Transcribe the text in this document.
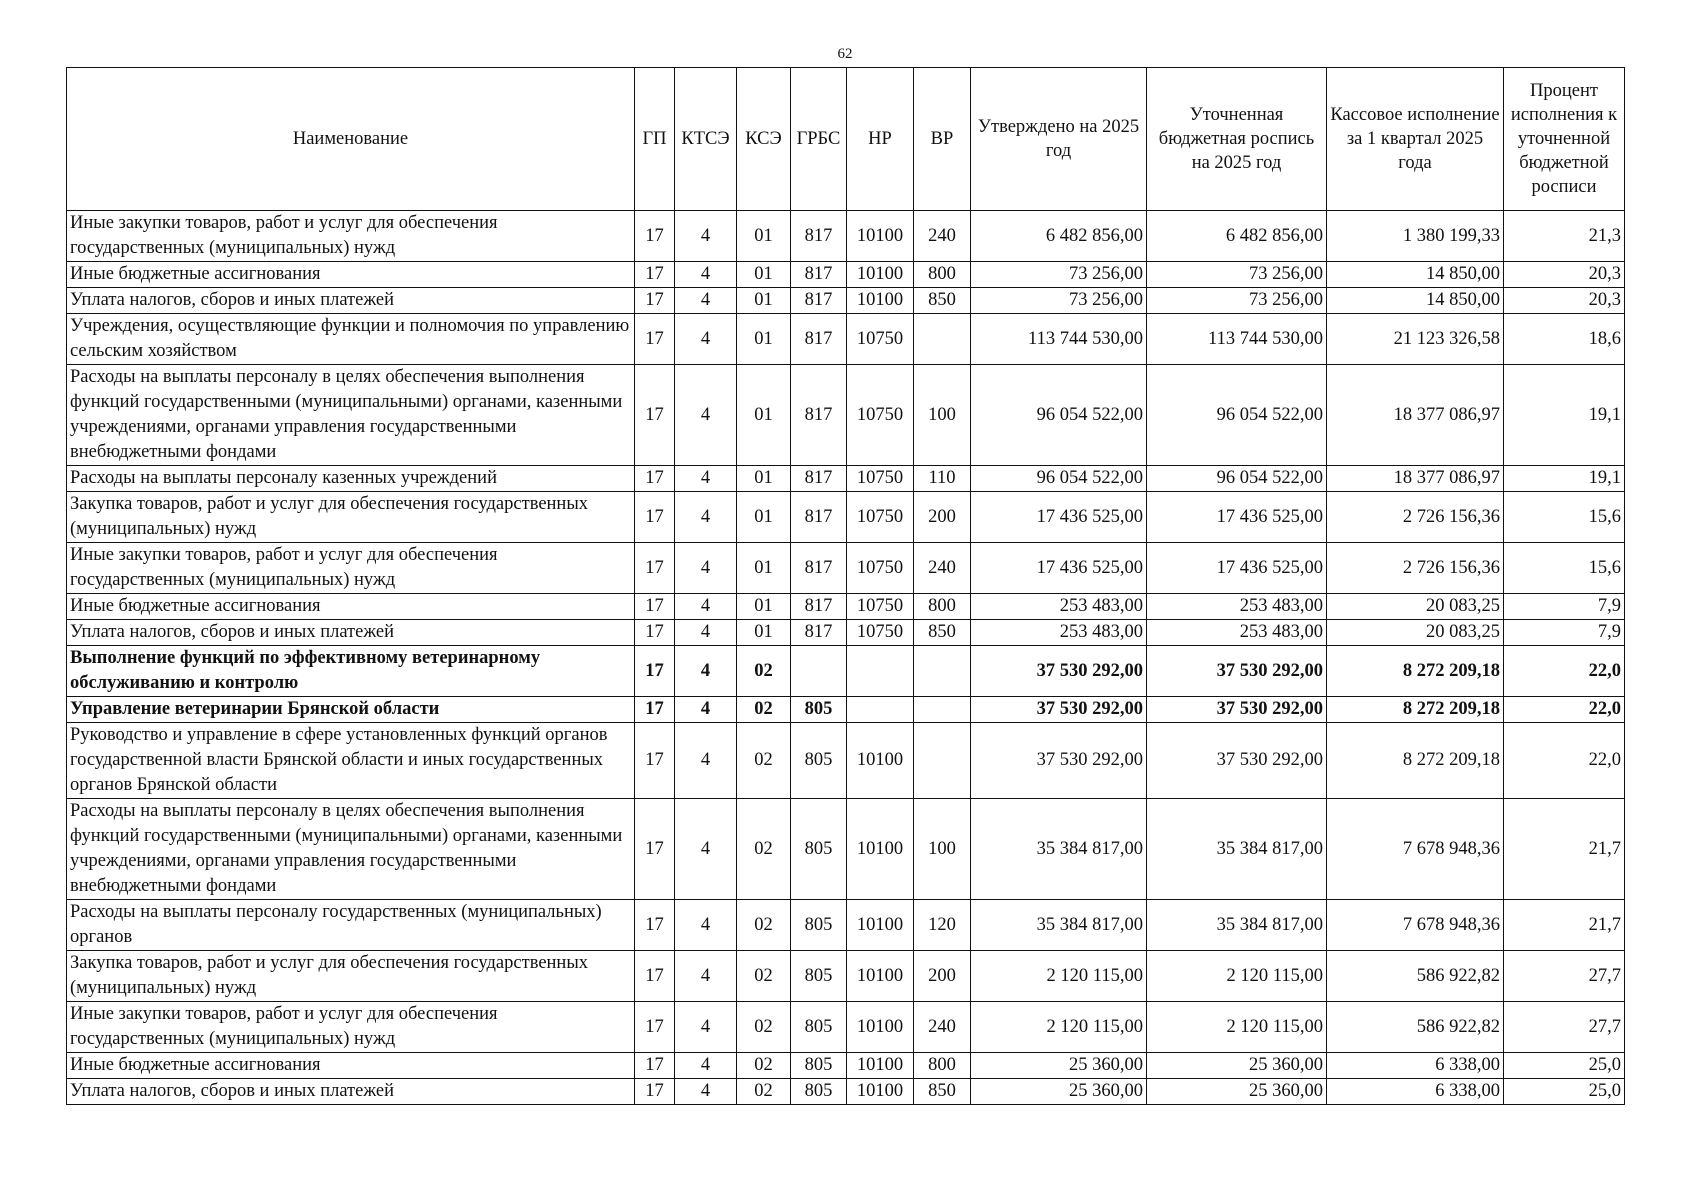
62
Наименование	ГП	КТСЭ	КСЭ	ГРБС	НР	ВР	Утверждено на 2025 год	Уточненная бюджетная роспись на 2025 год	Кассовое исполнение за 1 квартал 2025 года	Процент исполнения к уточненной бюджетной росписи
Иные закупки товаров, работ и услуг для обеспечения государственных (муниципальных) нужд	17	4	01	817	10100	240	6 482 856,00	6 482 856,00	1 380 199,33	21,3
Иные бюджетные ассигнования	17	4	01	817	10100	800	73 256,00	73 256,00	14 850,00	20,3
Уплата налогов, сборов и иных платежей	17	4	01	817	10100	850	73 256,00	73 256,00	14 850,00	20,3
Учреждения, осуществляющие функции и полномочия по управлению сельским хозяйством	17	4	01	817	10750		113 744 530,00	113 744 530,00	21 123 326,58	18,6
Расходы на выплаты персоналу в целях обеспечения выполнения функций государственными (муниципальными) органами, казенными учреждениями, органами управления государственными внебюджетными фондами	17	4	01	817	10750	100	96 054 522,00	96 054 522,00	18 377 086,97	19,1
Расходы на выплаты персоналу казенных учреждений	17	4	01	817	10750	110	96 054 522,00	96 054 522,00	18 377 086,97	19,1
Закупка товаров, работ и услуг для обеспечения государственных (муниципальных) нужд	17	4	01	817	10750	200	17 436 525,00	17 436 525,00	2 726 156,36	15,6
Иные закупки товаров, работ и услуг для обеспечения государственных (муниципальных) нужд	17	4	01	817	10750	240	17 436 525,00	17 436 525,00	2 726 156,36	15,6
Иные бюджетные ассигнования	17	4	01	817	10750	800	253 483,00	253 483,00	20 083,25	7,9
Уплата налогов, сборов и иных платежей	17	4	01	817	10750	850	253 483,00	253 483,00	20 083,25	7,9
Выполнение функций по эффективному ветеринарному обслуживанию и контролю	17	4	02				37 530 292,00	37 530 292,00	8 272 209,18	22,0
Управление ветеринарии Брянской области	17	4	02	805			37 530 292,00	37 530 292,00	8 272 209,18	22,0
Руководство и управление в сфере установленных функций органов государственной власти Брянской области и иных государственных органов Брянской области	17	4	02	805	10100		37 530 292,00	37 530 292,00	8 272 209,18	22,0
Расходы на выплаты персоналу в целях обеспечения выполнения функций государственными (муниципальными) органами, казенными учреждениями, органами управления государственными внебюджетными фондами	17	4	02	805	10100	100	35 384 817,00	35 384 817,00	7 678 948,36	21,7
Расходы на выплаты персоналу государственных (муниципальных) органов	17	4	02	805	10100	120	35 384 817,00	35 384 817,00	7 678 948,36	21,7
Закупка товаров, работ и услуг для обеспечения государственных (муниципальных) нужд	17	4	02	805	10100	200	2 120 115,00	2 120 115,00	586 922,82	27,7
Иные закупки товаров, работ и услуг для обеспечения государственных (муниципальных) нужд	17	4	02	805	10100	240	2 120 115,00	2 120 115,00	586 922,82	27,7
Иные бюджетные ассигнования	17	4	02	805	10100	800	25 360,00	25 360,00	6 338,00	25,0
Уплата налогов, сборов и иных платежей	17	4	02	805	10100	850	25 360,00	25 360,00	6 338,00	25,0
